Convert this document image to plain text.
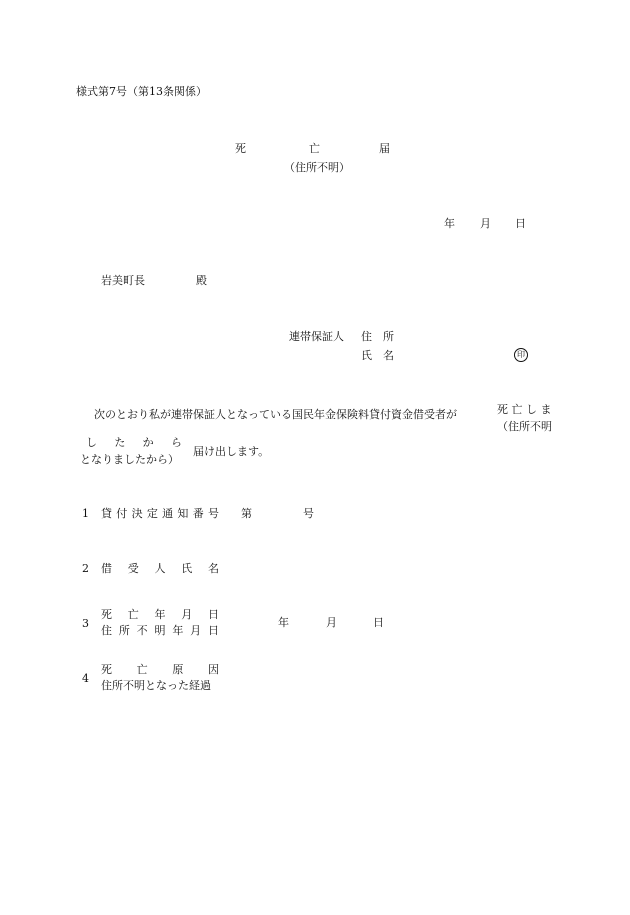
様式第7号（第13条関係）
死	亡	届
（住所不明）
年 月 日
岩美町長	殿
連帯保証人 住　所
氏　名	印
次のとおり私が連帯保証人となっている国民年金保険料貸付資金借受者が	死 亡 し ま
（住所不明
し た か ら
となりましたから）
届け出します。
1 貸 付 決 定 通 知 番 号 第	号
2 借 受 人 氏 名
3
死 亡 年 月 日
住 所 不 明 年 月 日
年	月	日
4
死 亡 原 因
住所不明となった経過
